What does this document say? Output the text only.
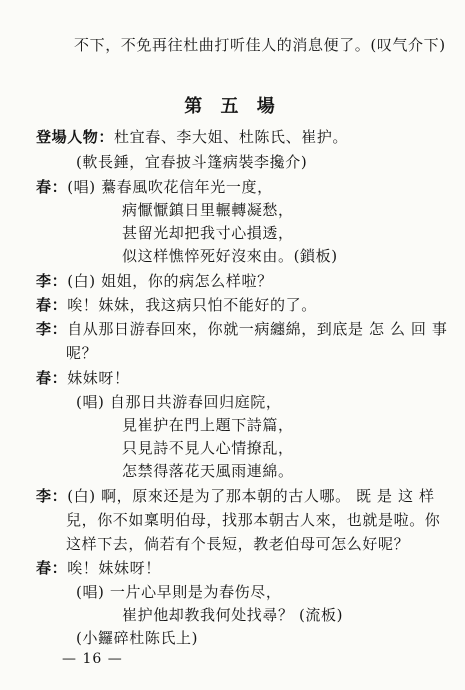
不下，不免再往杜曲打听佳人的消息便了。(叹气介下)
第 五 場
登場人物：杜宜春、李大姐、杜陈氏、崔护。
(軟長錘，宜春披斗篷病裝李攙介)
春：(唱) 驀春風吹花信年光一度，
病懨懨鎮日里輾轉凝愁，
甚留光却把我寸心損透，
似这样憔悴死好沒來由。(鎖板)
李：(白) 姐姐，你的病怎么样啦？
春：唉！妹妹，我这病只怕不能好的了。
李：自从那日游春回來，你就一病纏綿，到底是 怎 么 回 事
呢？
春：妹妹呀！
(唱) 自那日共游春回归庭院，
見崔护在門上題下詩篇，
只見詩不見人心情撩乱，
怎禁得落花天風雨連綿。
李：(白) 啊，原來还是为了那本朝的古人哪。 既 是 这 样
兒，你不如稟明伯母，找那本朝古人來，也就是啦。你
这样下去，倘若有个長短，教老伯母可怎么好呢？
春：唉！妹妹呀！
(唱) 一片心早則是为春伤尽，
崔护他却教我何处找尋？ (流板)
(小鑼碎杜陈氏上)
— 16 —
